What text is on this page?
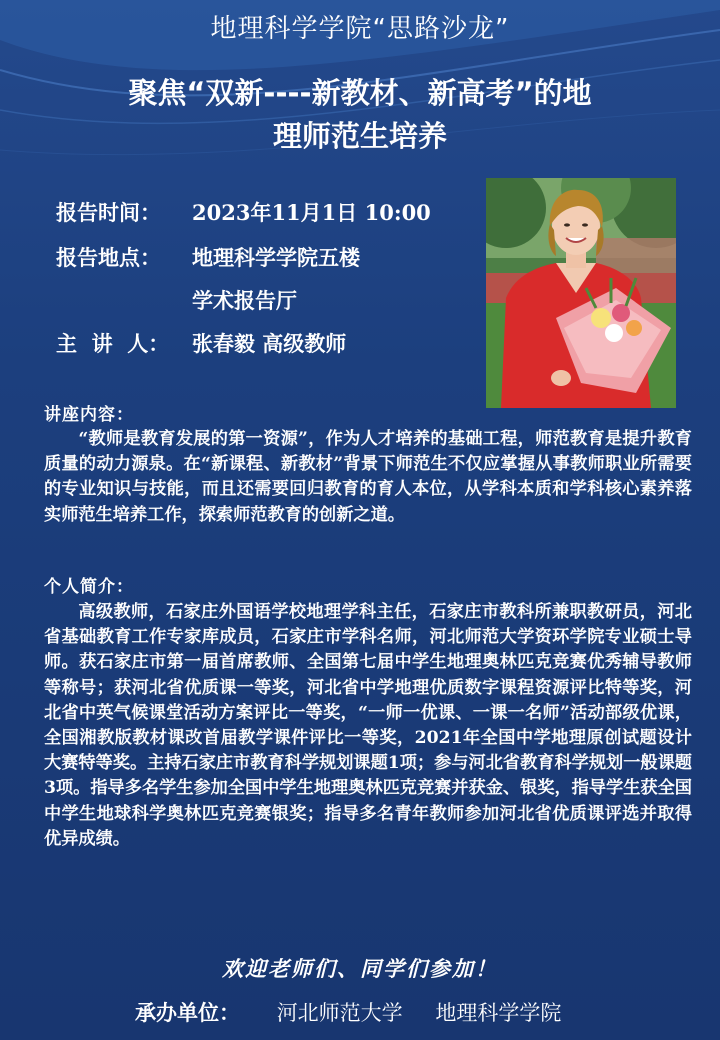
地理科学学院“思路沙龙”
聚焦“双新----新教材、新高考”的地
理师范生培养
报告时间： 2023年11月1日 10:00
报告地点： 地理科学学院五楼
学术报告厅
主  讲  人： 张春毅 高级教师
讲座内容：
“教师是教育发展的第一资源”，作为人才培养的基础工程，师范教育是提升教育质量的动力源泉。在“新课程、新教材”背景下师范生不仅应掌握从事教师职业所需要的专业知识与技能，而且还需要回归教育的育人本位，从学科本质和学科核心素养落实师范生培养工作，探索师范教育的创新之道。
个人简介：
高级教师，石家庄外国语学校地理学科主任，石家庄市教科所兼职教研员，河北省基础教育工作专家库成员，石家庄市学科名师，河北师范大学资环学院专业硕士导师。获石家庄市第一届首席教师、全国第七届中学生地理奥林匹克竞赛优秀辅导教师等称号；获河北省优质课一等奖，河北省中学地理优质数字课程资源评比特等奖，河北省中英气候课堂活动方案评比一等奖，“一师一优课、一课一名师”活动部级优课，全国湘教版教材课改首届教学课件评比一等奖，2021年全国中学地理原创试题设计大赛特等奖。主持石家庄市教育科学规划课题1项；参与河北省教育科学规划一般课题3项。指导多名学生参加全国中学生地理奥林匹克竞赛并获金、银奖，指导学生获全国中学生地球科学奥林匹克竞赛银奖；指导多名青年教师参加河北省优质课评选并取得优异成绩。
欢迎老师们、同学们参加！
承办单位： 河北师范大学 地理科学学院
